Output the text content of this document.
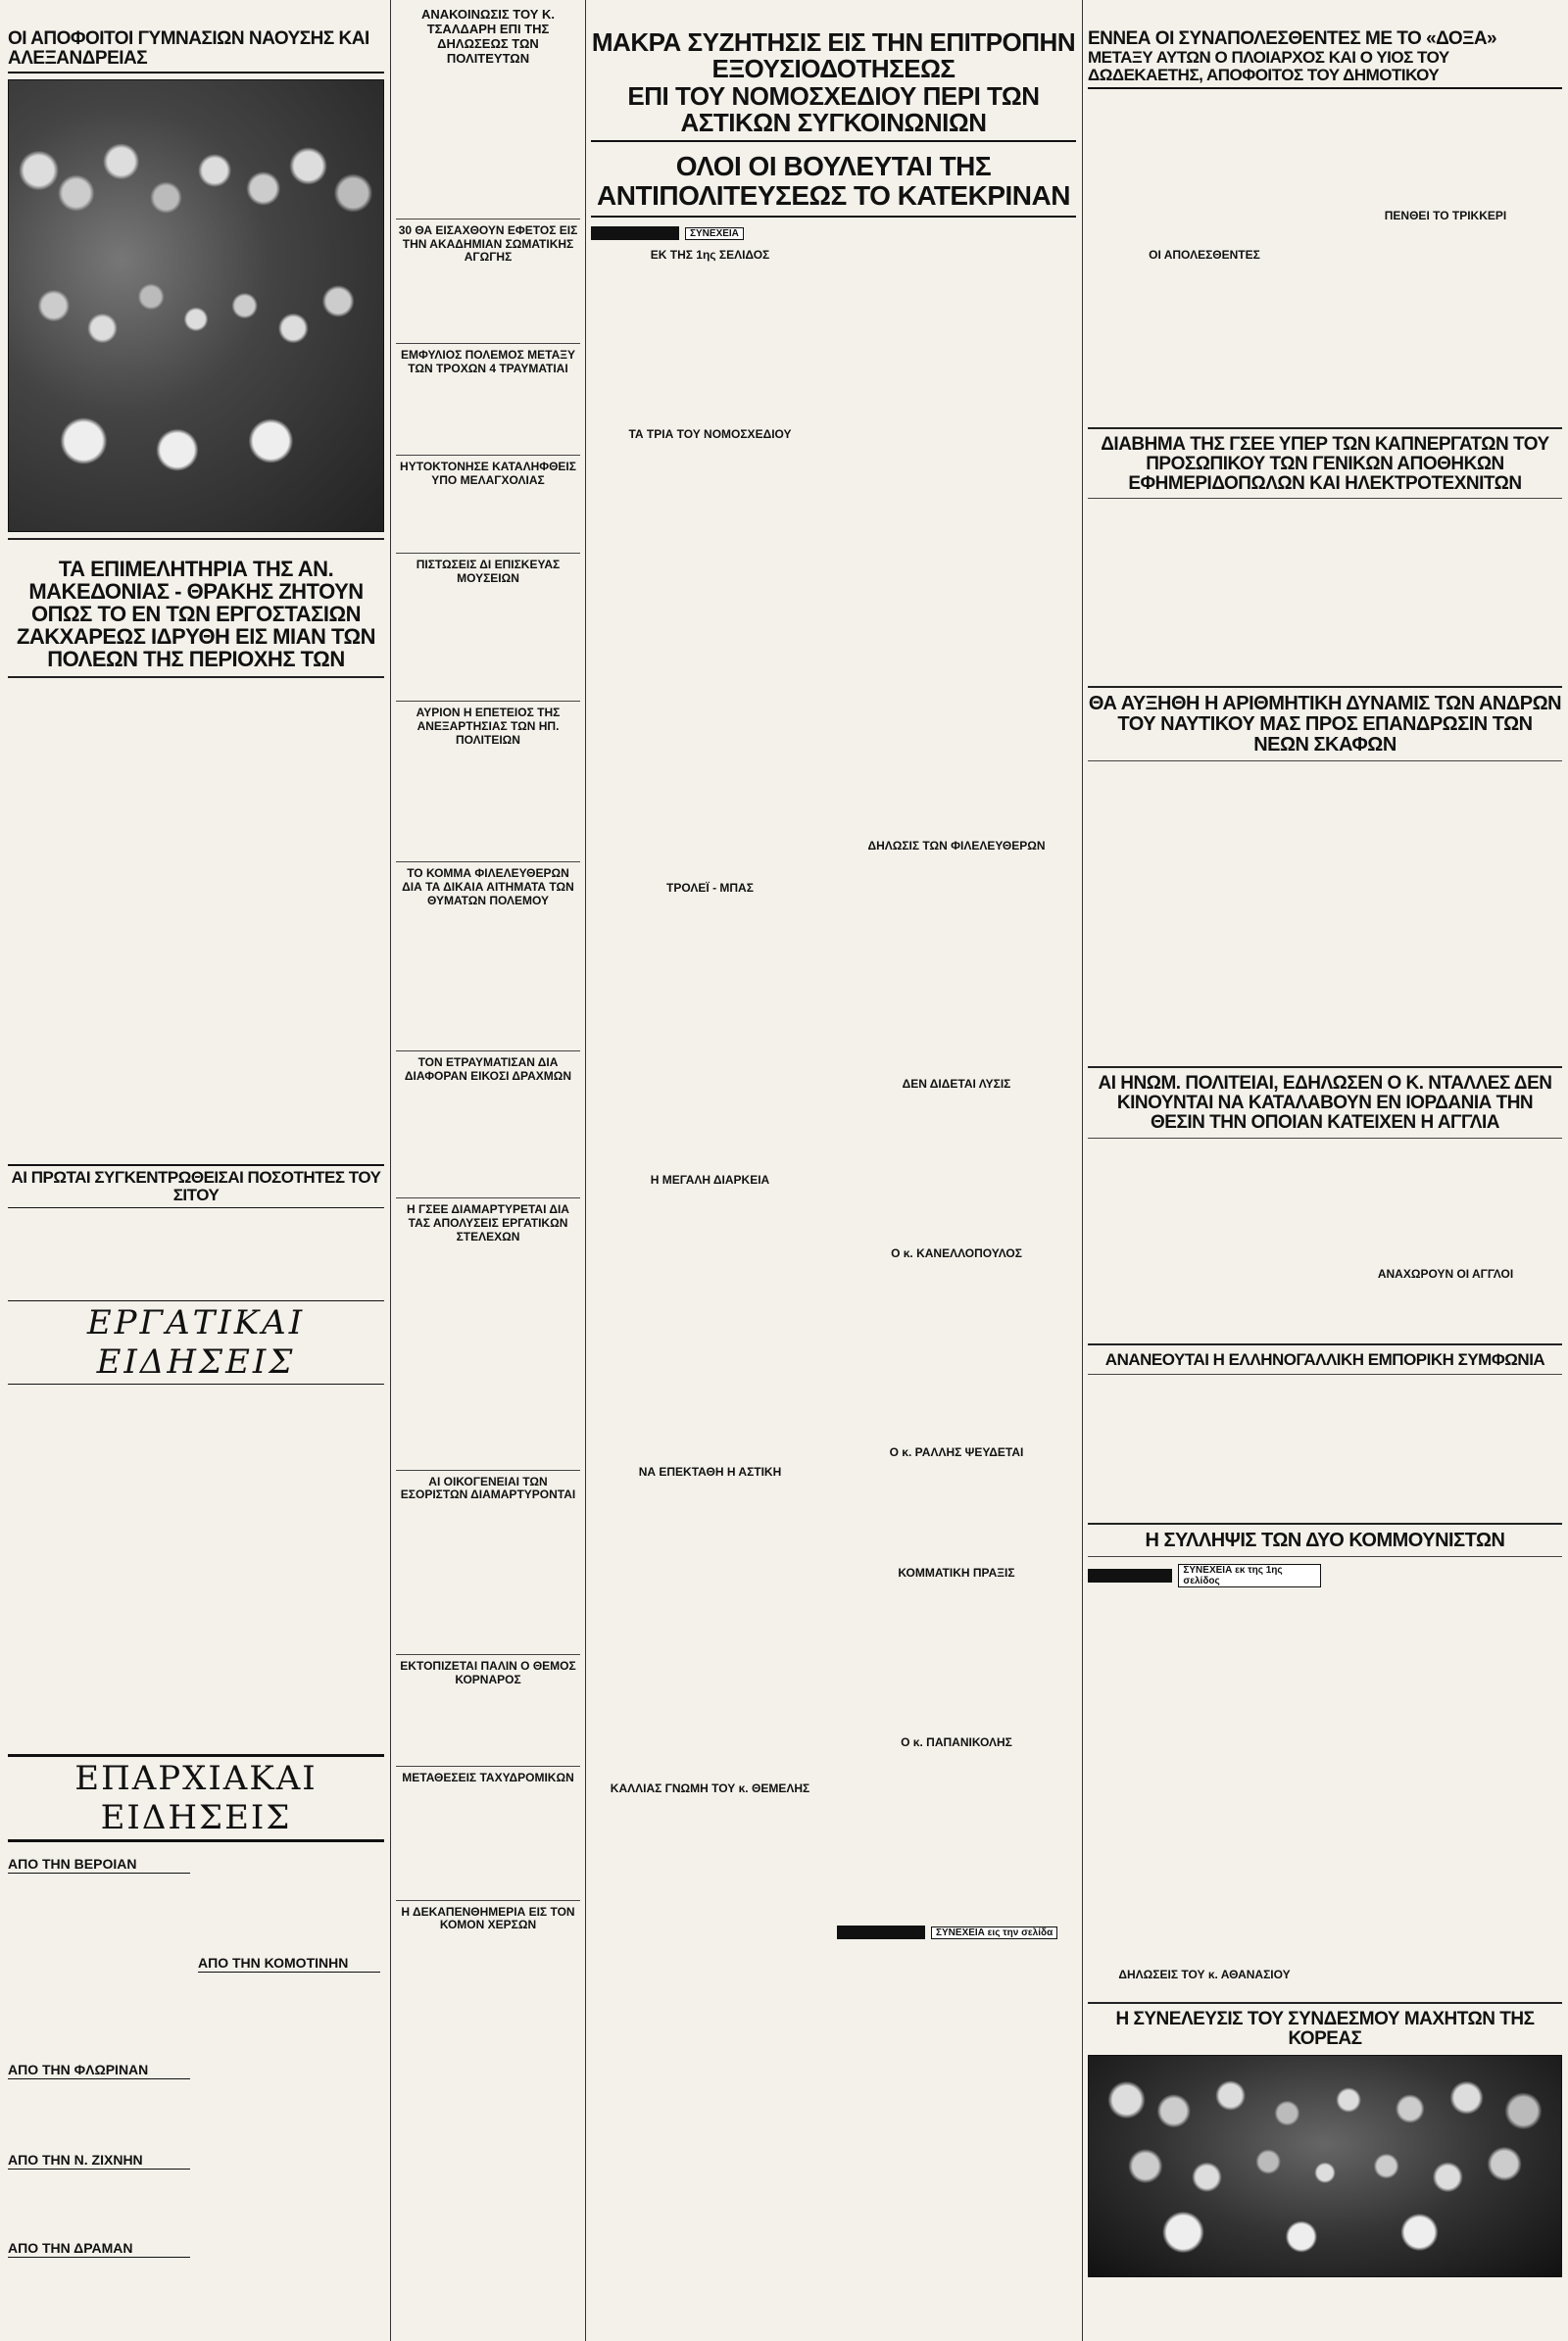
ΟΙ ΑΠΟΦΟΙΤΟΙ ΓΥΜΝΑΣΙΩΝ ΝΑΟΥΣΗΣ ΚΑΙ ΑΛΕΞΑΝΔΡΕΙΑΣ
ΤΑ ΕΠΙΜΕΛΗΤΗΡΙΑ ΤΗΣ ΑΝ. ΜΑΚΕΔΟΝΙΑΣ - ΘΡΑΚΗΣ ΖΗΤΟΥΝ ΟΠΩΣ ΤΟ ΕΝ ΤΩΝ ΕΡΓΟΣΤΑΣΙΩΝ ΖΑΚΧΑΡΕΩΣ ΙΔΡΥΘΗ ΕΙΣ ΜΙΑΝ ΤΩΝ ΠΟΛΕΩΝ ΤΗΣ ΠΕΡΙΟΧΗΣ ΤΩΝ
ΑΙ ΠΡΩΤΑΙ ΣΥΓΚΕΝΤΡΩΘΕΙΣΑΙ ΠΟΣΟΤΗΤΕΣ ΤΟΥ ΣΙΤΟΥ
ΕΡΓΑΤΙΚΑΙ ΕΙΔΗΣΕΙΣ
ΕΠΑΡΧΙΑΚΑΙ ΕΙΔΗΣΕΙΣ
ΑΠΟ ΤΗΝ ΒΕΡΟΙΑΝ
ΑΠΟ ΤΗΝ ΦΛΩΡΙΝΑΝ
ΑΠΟ ΤΗΝ Ν. ΖΙΧΝΗΝ
ΑΠΟ ΤΗΝ ΔΡΑΜΑΝ
ΑΠΟ ΤΗΝ ΚΟΜΟΤΙΝΗΝ
ΑΝΑΚΟΙΝΩΣΙΣ ΤΟΥ Κ. ΤΣΑΛΔΑΡΗ ΕΠΙ ΤΗΣ ΔΗΛΩΣΕΩΣ ΤΩΝ ΠΟΛΙΤΕΥΤΩΝ
30 ΘΑ ΕΙΣΑΧΘΟΥΝ ΕΦΕΤΟΣ ΕΙΣ ΤΗΝ ΑΚΑΔΗΜΙΑΝ ΣΩΜΑΤΙΚΗΣ ΑΓΩΓΗΣ
ΕΜΦΥΛΙΟΣ ΠΟΛΕΜΟΣ ΜΕΤΑΞΥ ΤΩΝ ΤΡΟΧΩΝ 4 ΤΡΑΥΜΑΤΙΑΙ
ΗΥΤΟΚΤΟΝΗΣΕ ΚΑΤΑΛΗΦΘΕΙΣ ΥΠΟ ΜΕΛΑΓΧΟΛΙΑΣ
ΠΙΣΤΩΣΕΙΣ ΔΙ ΕΠΙΣΚΕΥΑΣ ΜΟΥΣΕΙΩΝ
ΑΥΡΙΟΝ Η ΕΠΕΤΕΙΟΣ ΤΗΣ ΑΝΕΞΑΡΤΗΣΙΑΣ ΤΩΝ ΗΠ. ΠΟΛΙΤΕΙΩΝ
ΤΟ ΚΟΜΜΑ ΦΙΛΕΛΕΥΘΕΡΩΝ ΔΙΑ ΤΑ ΔΙΚΑΙΑ ΑΙΤΗΜΑΤΑ ΤΩΝ ΘΥΜΑΤΩΝ ΠΟΛΕΜΟΥ
ΤΟΝ ΕΤΡΑΥΜΑΤΙΣΑΝ ΔΙΑ ΔΙΑΦΟΡΑΝ ΕΙΚΟΣΙ ΔΡΑΧΜΩΝ
Η ΓΣΕΕ ΔΙΑΜΑΡΤΥΡΕΤΑΙ ΔΙΑ ΤΑΣ ΑΠΟΛΥΣΕΙΣ ΕΡΓΑΤΙΚΩΝ ΣΤΕΛΕΧΩΝ
ΑΙ ΟΙΚΟΓΕΝΕΙΑΙ ΤΩΝ ΕΣΟΡΙΣΤΩΝ ΔΙΑΜΑΡΤΥΡΟΝΤΑΙ
ΕΚΤΟΠΙΖΕΤΑΙ ΠΑΛΙΝ Ο ΘΕΜΟΣ ΚΟΡΝΑΡΟΣ
ΜΕΤΑΘΕΣΕΙΣ ΤΑΧΥΔΡΟΜΙΚΩΝ
Η ΔΕΚΑΠΕΝΘΗΜΕΡΙΑ ΕΙΣ ΤΟΝ ΚΟΜΟΝ ΧΕΡΣΩΝ
ΜΑΚΡΑ ΣΥΖΗΤΗΣΙΣ ΕΙΣ ΤΗΝ ΕΠΙΤΡΟΠΗΝ ΕΞΟΥΣΙΟΔΟΤΗΣΕΩΣ
ΕΠΙ ΤΟΥ ΝΟΜΟΣΧΕΔΙΟΥ ΠΕΡΙ ΤΩΝ ΑΣΤΙΚΩΝ ΣΥΓΚΟΙΝΩΝΙΩΝ
ΟΛΟΙ ΟΙ ΒΟΥΛΕΥΤΑΙ ΤΗΣ ΑΝΤΙΠΟΛΙΤΕΥΣΕΩΣ ΤΟ ΚΑΤΕΚΡΙΝΑΝ
ΣΥΝΕΧΕΙΑ
ΕΚ ΤΗΣ 1ης ΣΕΛΙΔΟΣ
ΤΑ ΤΡΙΑ ΤΟΥ ΝΟΜΟΣΧΕΔΙΟΥ
ΤΡΟΛΕΪ - ΜΠΑΣ
Η ΜΕΓΑΛΗ ΔΙΑΡΚΕΙΑ
ΝΑ ΕΠΕΚΤΑΘΗ Η ΑΣΤΙΚΗ
ΚΑΛΛΙΑΣ ΓΝΩΜΗ ΤΟΥ κ. ΘΕΜΕΛΗΣ
ΔΗΛΩΣΙΣ ΤΩΝ ΦΙΛΕΛΕΥΘΕΡΩΝ
ΔΕΝ ΔΙΔΕΤΑΙ ΛΥΣΙΣ
Ο κ. ΚΑΝΕΛΛΟΠΟΥΛΟΣ
Ο κ. ΡΑΛΛΗΣ ΨΕΥΔΕΤΑΙ
ΚΟΜΜΑΤΙΚΗ ΠΡΑΞΙΣ
Ο κ. ΠΑΠΑΝΙΚΟΛΗΣ
ΣΥΝΕΧΕΙΑ εις την σελίδα
ΕΝΝΕΑ ΟΙ ΣΥΝΑΠΟΛΕΣΘΕΝΤΕΣ ΜΕ ΤΟ «ΔΟΞΑ»
ΜΕΤΑΞΥ ΑΥΤΩΝ Ο ΠΛΟΙΑΡΧΟΣ ΚΑΙ Ο ΥΙΟΣ ΤΟΥ ΔΩΔΕΚΑΕΤΗΣ, ΑΠΟΦΟΙΤΟΣ ΤΟΥ ΔΗΜΟΤΙΚΟΥ
ΟΙ ΑΠΟΛΕΣΘΕΝΤΕΣ
ΠΕΝΘΕΙ ΤΟ ΤΡΙΚΚΕΡΙ
ΔΙΑΒΗΜΑ ΤΗΣ ΓΣΕΕ ΥΠΕΡ ΤΩΝ ΚΑΠΝΕΡΓΑΤΩΝ ΤΟΥ ΠΡΟΣΩΠΙΚΟΥ ΤΩΝ ΓΕΝΙΚΩΝ ΑΠΟΘΗΚΩΝ ΕΦΗΜΕΡΙΔΟΠΩΛΩΝ ΚΑΙ ΗΛΕΚΤΡΟΤΕΧΝΙΤΩΝ
ΘΑ ΑΥΞΗΘΗ Η ΑΡΙΘΜΗΤΙΚΗ ΔΥΝΑΜΙΣ ΤΩΝ ΑΝΔΡΩΝ ΤΟΥ ΝΑΥΤΙΚΟΥ ΜΑΣ ΠΡΟΣ ΕΠΑΝΔΡΩΣΙΝ ΤΩΝ ΝΕΩΝ ΣΚΑΦΩΝ
ΑΙ ΗΝΩΜ. ΠΟΛΙΤΕΙΑΙ, ΕΔΗΛΩΣΕΝ Ο Κ. ΝΤΑΛΛΕΣ ΔΕΝ ΚΙΝΟΥΝΤΑΙ ΝΑ ΚΑΤΑΛΑΒΟΥΝ ΕΝ ΙΟΡΔΑΝΙΑ ΤΗΝ ΘΕΣΙΝ ΤΗΝ ΟΠΟΙΑΝ ΚΑΤΕΙΧΕΝ Η ΑΓΓΛΙΑ
ΑΝΑΧΩΡΟΥΝ ΟΙ ΑΓΓΛΟΙ
ΑΝΑΝΕΟΥΤΑΙ Η ΕΛΛΗΝΟΓΑΛΛΙΚΗ ΕΜΠΟΡΙΚΗ ΣΥΜΦΩΝΙΑ
Η ΣΥΛΛΗΨΙΣ ΤΩΝ ΔΥΟ ΚΟΜΜΟΥΝΙΣΤΩΝ
ΣΥΝΕΧΕΙΑ εκ της 1ης σελίδος
ΔΗΛΩΣΕΙΣ ΤΟΥ κ. ΑΘΑΝΑΣΙΟΥ
Η ΣΥΝΕΛΕΥΣΙΣ ΤΟΥ ΣΥΝΔΕΣΜΟΥ ΜΑΧΗΤΩΝ ΤΗΣ ΚΟΡΕΑΣ
